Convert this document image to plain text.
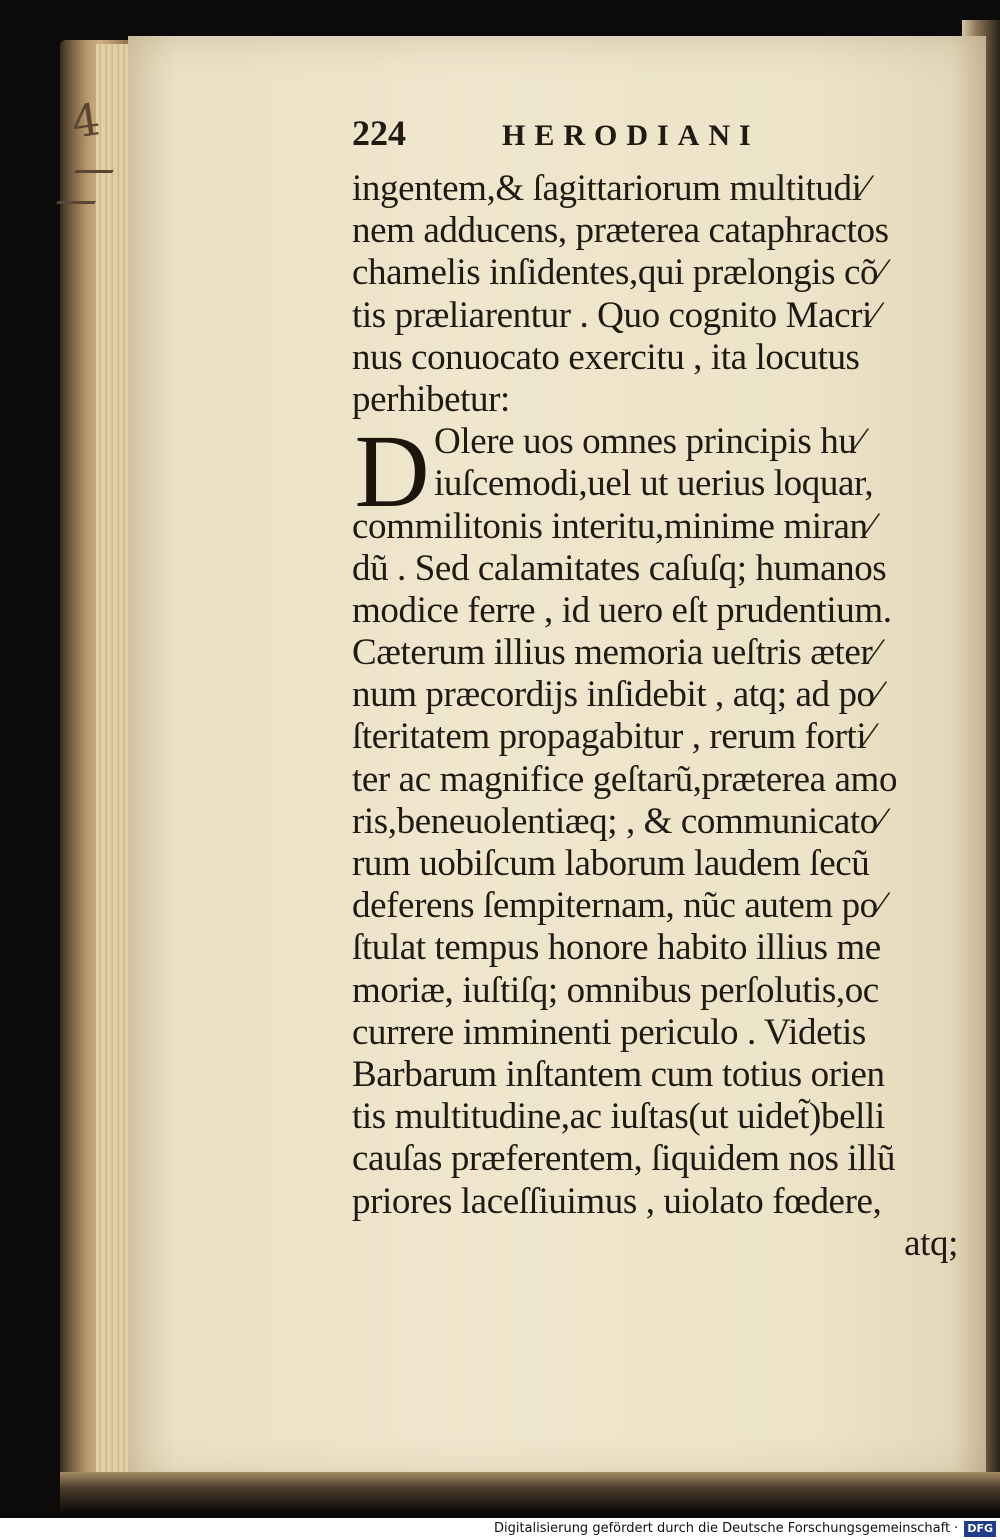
4	224	HERODIANI
D
ingentem,& ſagittariorum multitudi⁄
nem adducens, præterea cataphractos
chamelis inſidentes,qui prælongis cõ⁄
tis præliarentur . Quo cognito Macri⁄
nus conuocato exercitu , ita locutus
perhibetur:
Olere uos omnes principis hu⁄
iuſcemodi,uel ut uerius loquar,
commilitonis interitu,minime miran⁄
dũ . Sed calamitates caſuſq; humanos
modice ferre , id uero eſt prudentium.
Cæterum illius memoria ueſtris æter⁄
num præcordijs inſidebit , atq; ad po⁄
ſteritatem propagabitur , rerum forti⁄
ter ac magnifice geſtarũ,præterea amo
ris,beneuolentiæq; , & communicato⁄
rum uobiſcum laborum laudem ſecũ
deferens ſempiternam, nũc autem po⁄
ſtulat tempus honore habito illius me
moriæ, iuſtiſq; omnibus perſolutis,oc
currere imminenti periculo . Videtis
Barbarum inſtantem cum totius orien
tis multitudine,ac iuſtas(ut uidet̃)belli
cauſas præferentem, ſiquidem nos illũ
priores laceſſiuimus , uiolato fœdere,
atq;
Digitalisierung gefördert durch die Deutsche Forschungsgemeinschaft · DFG
